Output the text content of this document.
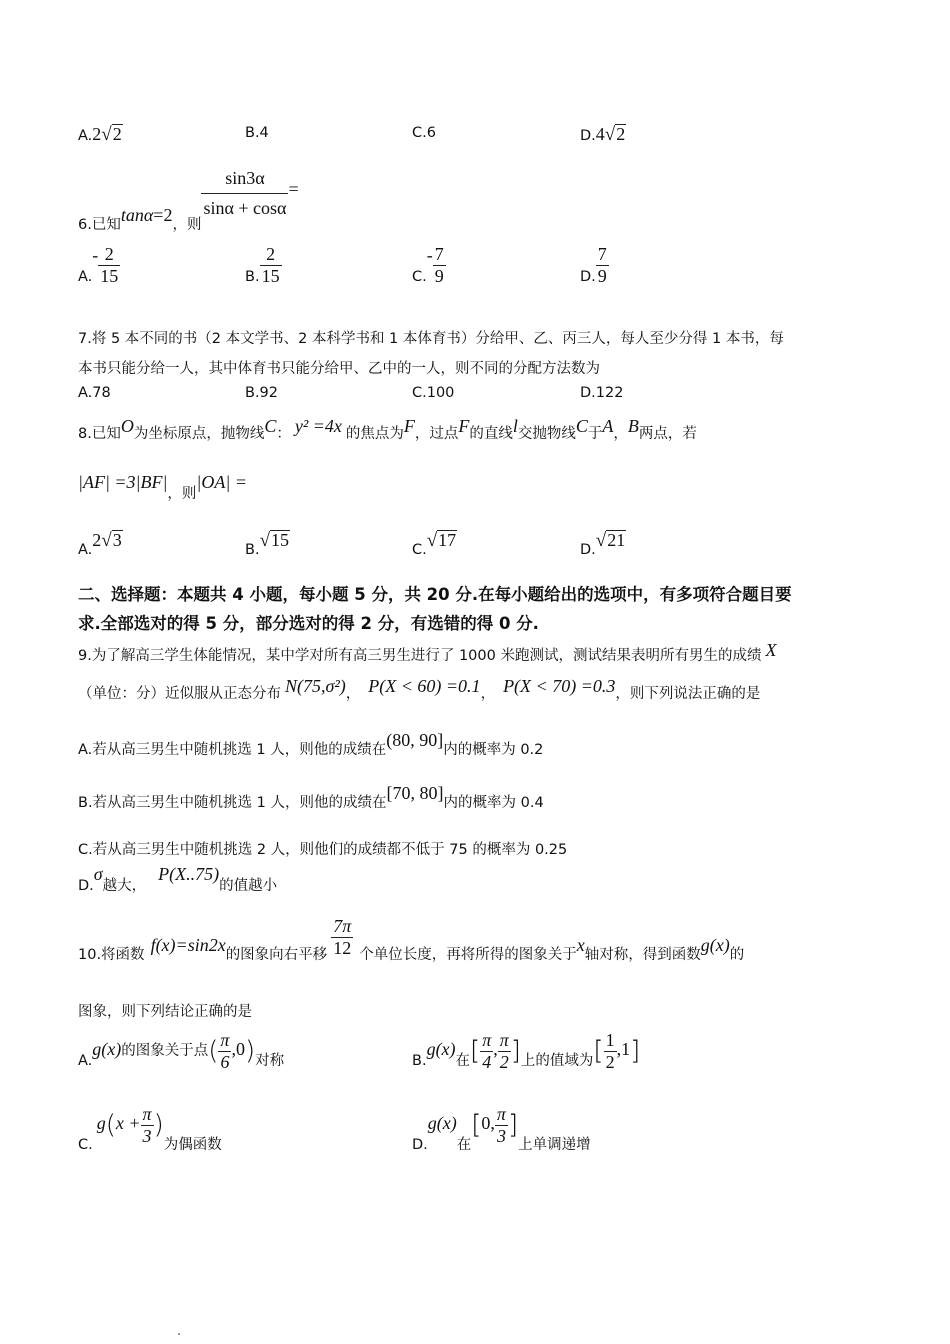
A.2√2	B.4	C.6	D.4√2
6.已知tanα=2，则
$\frac{\sin 3\alpha}{\sin\alpha + \cos\alpha}$ =
$A.- \frac{2}{15}$	B. $\frac{2}{15}$	$C.- \frac{7}{9}$	D. $\frac{7}{9}$
7.将 5 本不同的书（2 本文学书、2 本科学书和 1 本体育书）分给甲、乙、丙三人，每人至少分得 1 本书，每
本书只能分给一人，其中体育书只能分给甲、乙中的一人，则不同的分配方法数为
A.78	B.92	C.100	D.122
8.已知O为坐标原点，抛物线C： y² =4x 的焦点为F，过点F的直线l交抛物线C于A，B两点，若
|AF| =3|BF|，则|OA| =
A.2√3	B.√15	C.√17	D.√21
二、选择题：本题共 4 小题，每小题 5 分，共 20 分.在每小题给出的选项中，有多项符合题目要
求.全部选对的得 5 分，部分选对的得 2 分，有选错的得 0 分.
9.为了解高三学生体能情况，某中学对所有高三男生进行了 1000 米跑测试，测试结果表明所有男生的成绩 X
（单位：分）近似服从正态分布 N(75,σ²)， P(X < 60) =0.1， P(X < 70) =0.3，则下列说法正确的是
A.若从高三男生中随机挑选 1 人，则他的成绩在(80, 90]内的概率为 0.2
B.若从高三男生中随机挑选 1 人，则他的成绩在[70, 80]内的概率为 0.4
C.若从高三男生中随机挑选 2 人，则他们的成绩都不低于 75 的概率为 0.25
D.σ越大，P(X..75)的值越小
10.将函数 f(x)=sin2x的图象向右平移 $\frac{7\pi}{12}$ 个单位长度，再将所得的图象关于x轴对称，得到函数g(x)的
图象，则下列结论正确的是
A.g(x)的图象关于点( $\frac{\pi}{6} ,0$)对称	B.g(x)在[ $\frac{\pi}{4}$ , $\frac{\pi}{2}$ ]上的值域为[ $\frac{1}{2} ,1$]
$C.g(x + \frac{\pi}{3}$ )为偶函数	D.g(x)在[0, $\frac{\pi}{3}$ ]上单调递增
